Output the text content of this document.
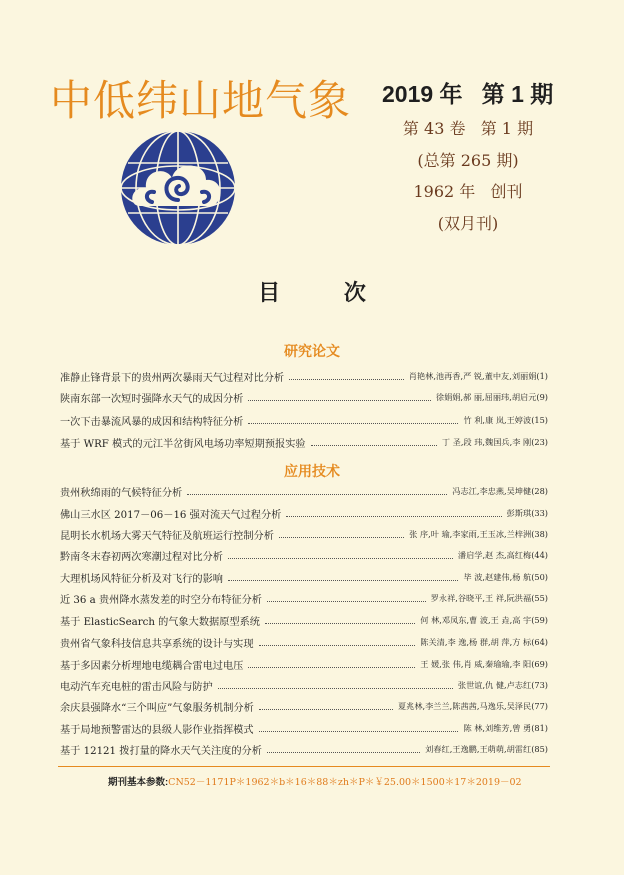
中低纬山地气象 2019 年   第 1 期
第 43 卷   第 1 期
(总第 265 期)
1962 年   创刊
(双月刊)
目 次
研究论文
准静止锋背景下的贵州两次暴雨天气过程对比分析	肖艳林,池再香,严 锐,董中友,刘丽娟 (1)
陕南东部一次短时强降水天气的成因分析	徐娟娟,郝 丽,屈丽玮,胡启元 (9)
一次下击暴流风暴的成因和结构特征分析	竹 利,康 岚,王婷波 (15)
基于 WRF 模式的元江半岔街风电场功率短期预报实验	丁 圣,段 玮,魏国兵,李 刚 (23)
应用技术
贵州秋绵雨的气候特征分析	冯志江,李忠燕,吴坤健 (28)
佛山三水区 2017－06－16 强对流天气过程分析	彭斯琪 (33)
昆明长水机场大雾天气特征及航班运行控制分析	张 序,叶 瑜,李家雨,王玉冰,兰梓洲 (38)
黔南冬末春初两次寒潮过程对比分析	潘启学,赵 杰,高红梅 (44)
大理机场风特征分析及对飞行的影响	毕 波,赵建伟,杨 航 (50)
近 36 a 贵州降水蒸发差的时空分布特征分析	罗永祥,谷晓平,王 祥,阮洪福 (55)
基于 ElasticSearch 的气象大数据原型系统	何 林,邓凤东,曹 波,王 垚,高 宇 (59)
贵州省气象科技信息共享系统的设计与实现	陈关清,李 逸,杨 群,胡 萍,方 标 (64)
基于多因素分析埋地电缆耦合雷电过电压	王 媛,张 伟,肖 威,秦瑜瑜,李 阳 (69)
电动汽车充电桩的雷击风险与防护	张世谊,仇 健,卢志红 (73)
余庆县强降水“三个叫应”气象服务机制分析	夏兆林,李兰兰,陈茜茜,马逸乐,吴泽民 (77)
基于局地预警雷达的县级人影作业指挥模式	陈 林,刘维芳,曾 勇 (81)
基于 12121 拨打量的降水天气关注度的分析	刘春红,王逸鹏,王萌萌,胡雷红 (85)
期刊基本参数:CN52－1171P＊1962＊b＊16＊88＊zh＊P＊￥25.00＊1500＊17＊2019－02
